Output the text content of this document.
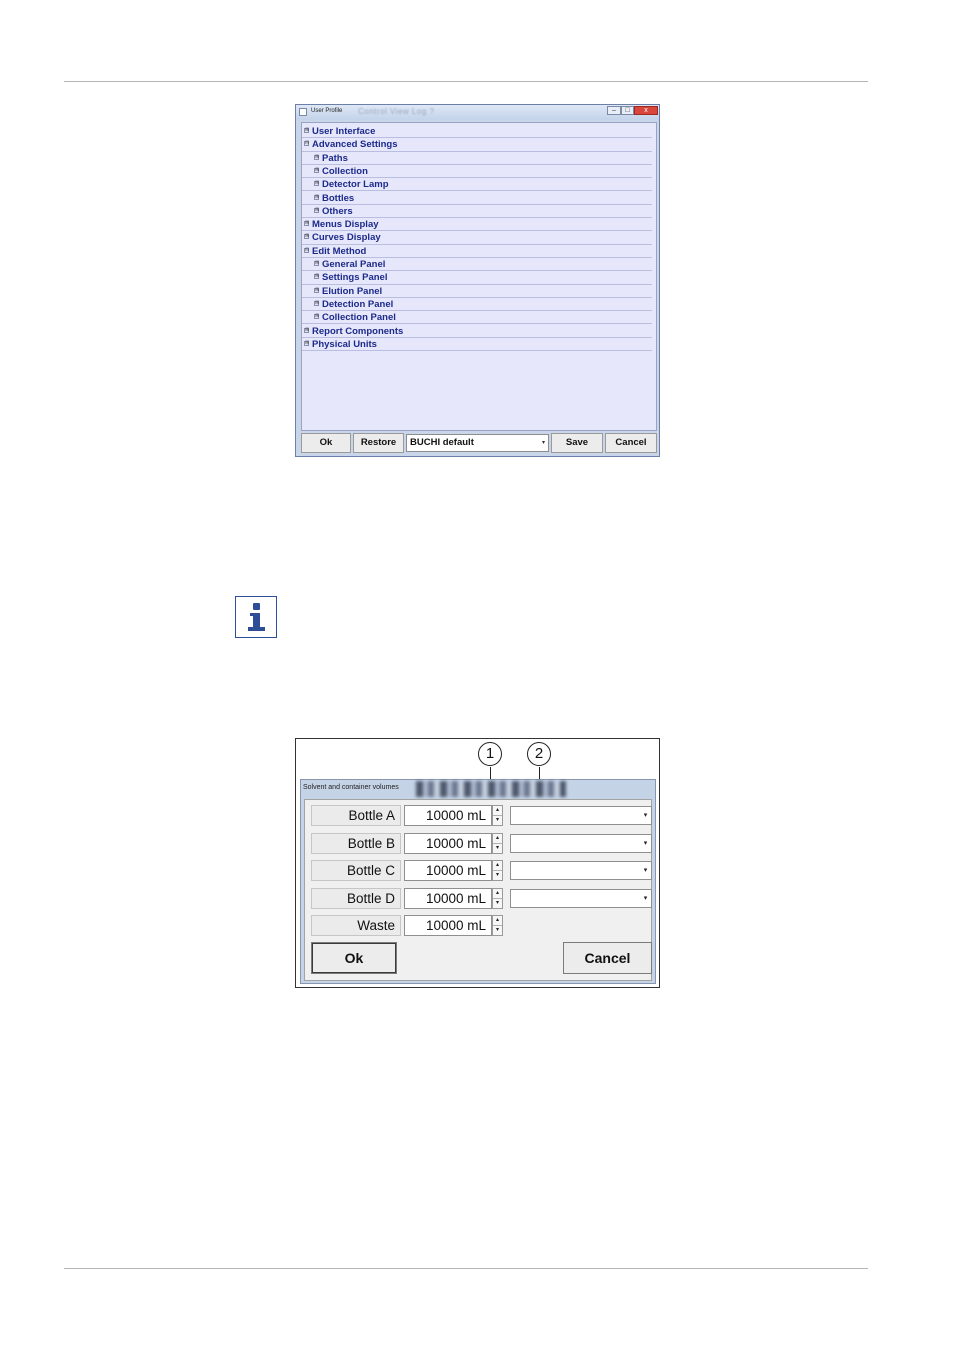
User Profile Control View Log ?	–	□	x
⊞ User Interface
⊟ Advanced Settings
⊞ Paths
⊞ Collection
⊞ Detector Lamp
⊞ Bottles
⊞ Others
⊞ Menus Display
⊞ Curves Display
⊟ Edit Method
⊞ General Panel
⊞ Settings Panel
⊞ Elution Panel
⊞ Detection Panel
⊞ Collection Panel
⊞ Report Components
⊞ Physical Units
Ok	Restore	BUCHI default	▾	Save	Cancel
1	2
Solvent and container volumes
Bottle A	10000 mL	▴
▾
▾
Bottle B	10000 mL	▴
▾
▾
Bottle C	10000 mL	▴
▾
▾
Bottle D	10000 mL	▴
▾
▾
Waste	10000 mL	▴
▾
Ok	Cancel
